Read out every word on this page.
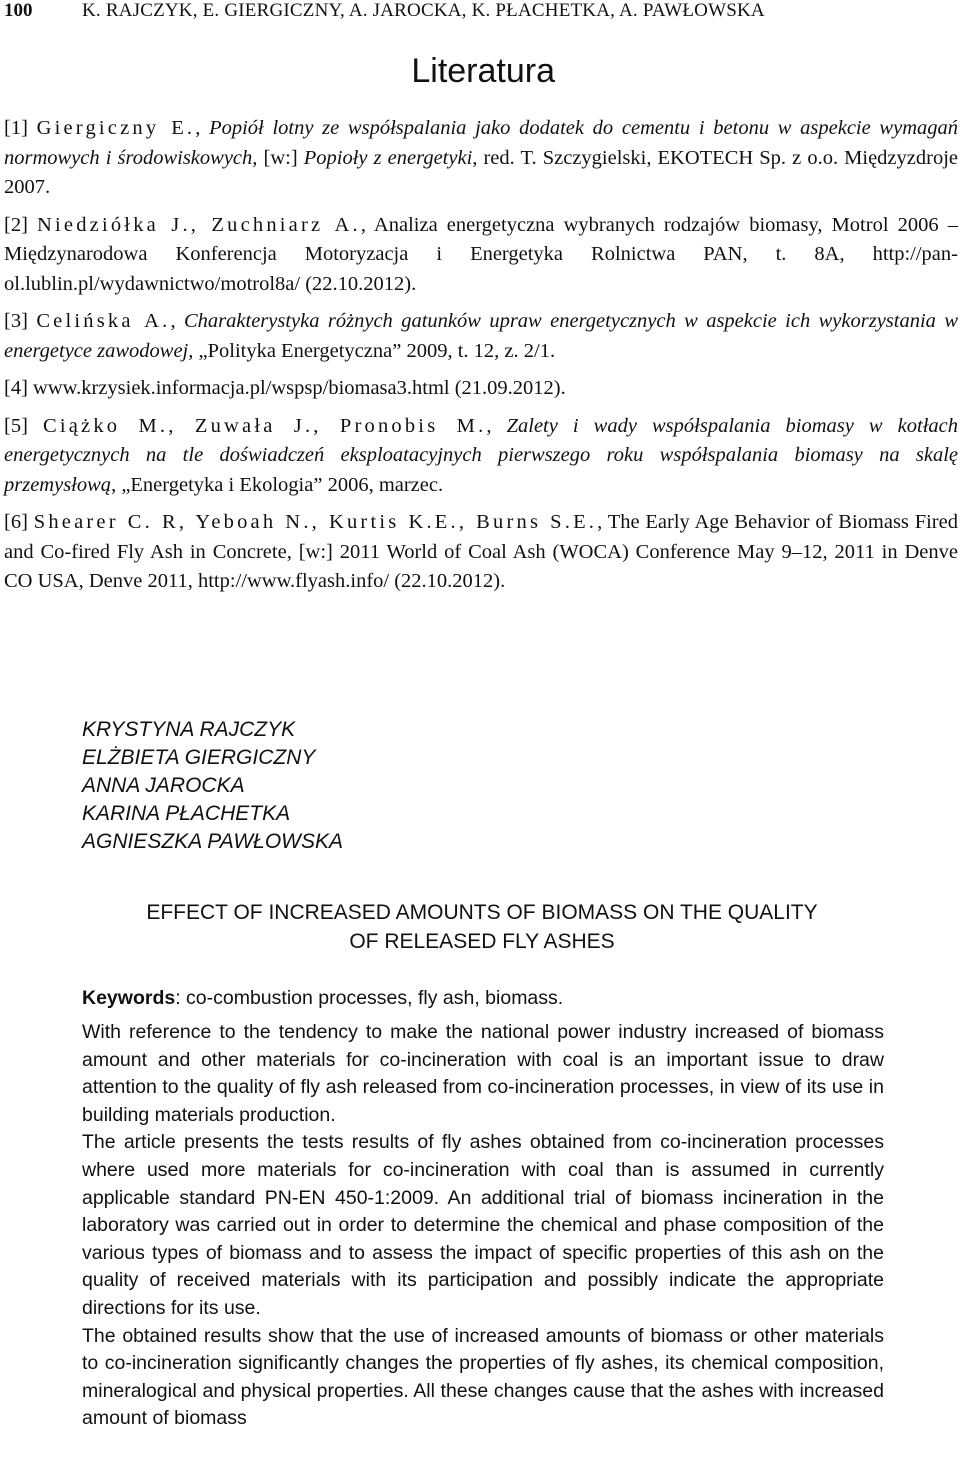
100	K. RAJCZYK, E. GIERGICZNY, A. JAROCKA, K. PŁACHETKA, A. PAWŁOWSKA
Literatura

[1] Giergiczny E., Popiół lotny ze współspalania jako dodatek do cementu i betonu w aspekcie wymagań normowych i środowiskowych, [w:] Popioły z energetyki, red. T. Szczygielski, EKOTECH Sp. z o.o. Międzyzdroje 2007.

[2] Niedziółka J., Zuchniarz A., Analiza energetyczna wybranych rodzajów biomasy, Motrol 2006 – Międzynarodowa Konferencja Motoryzacja i Energetyka Rolnictwa PAN, t. 8A, http://pan-ol.lublin.pl/wydawnictwo/motrol8a/ (22.10.2012).

[3] Celińska A., Charakterystyka różnych gatunków upraw energetycznych w aspekcie ich wykorzystania w energetyce zawodowej, „Polityka Energetyczna” 2009, t. 12, z. 2/1.

[4] www.krzysiek.informacja.pl/wspsp/biomasa3.html (21.09.2012).

[5] Ciążko M., Zuwała J., Pronobis M., Zalety i wady współspalania biomasy w kotłach energetycznych na tle doświadczeń eksploatacyjnych pierwszego roku współspalania biomasy na skalę przemysłową, „Energetyka i Ekologia” 2006, marzec.

[6] Shearer C. R, Yeboah N., Kurtis K.E., Burns S.E., The Early Age Behavior of Biomass Fired and Co-fired Fly Ash in Concrete, [w:] 2011 World of Coal Ash (WOCA) Conference May 9–12, 2011 in Denve CO USA, Denve 2011, http://www.flyash.info/ (22.10.2012).

KRYSTYNA RAJCZYK
ELŻBIETA GIERGICZNY
ANNA JAROCKA
KARINA PŁACHETKA
AGNIESZKA PAWŁOWSKA
EFFECT OF INCREASED AMOUNTS OF BIOMASS ON THE QUALITY
OF RELEASED FLY ASHES
Keywords: co-combustion processes, fly ash, biomass.

With reference to the tendency to make the national power industry increased of biomass amount and other materials for co-incineration with coal is an important issue to draw attention to the quality of fly ash released from co-incineration processes, in view of its use in building materials production.

The article presents the tests results of fly ashes obtained from co-incineration processes where used more materials for co-incineration with coal than is assumed in currently applicable standard PN-EN 450-1:2009. An additional trial of biomass incineration in the laboratory was carried out in order to determine the chemical and phase composition of the various types of biomass and to assess the impact of specific properties of this ash on the quality of received materials with its participation and possibly indicate the appropriate directions for its use.

The obtained results show that the use of increased amounts of biomass or other materials to co-incineration significantly changes the properties of fly ashes, its chemical composition, mineralogical and physical properties. All these changes cause that the ashes with increased amount of biomass
